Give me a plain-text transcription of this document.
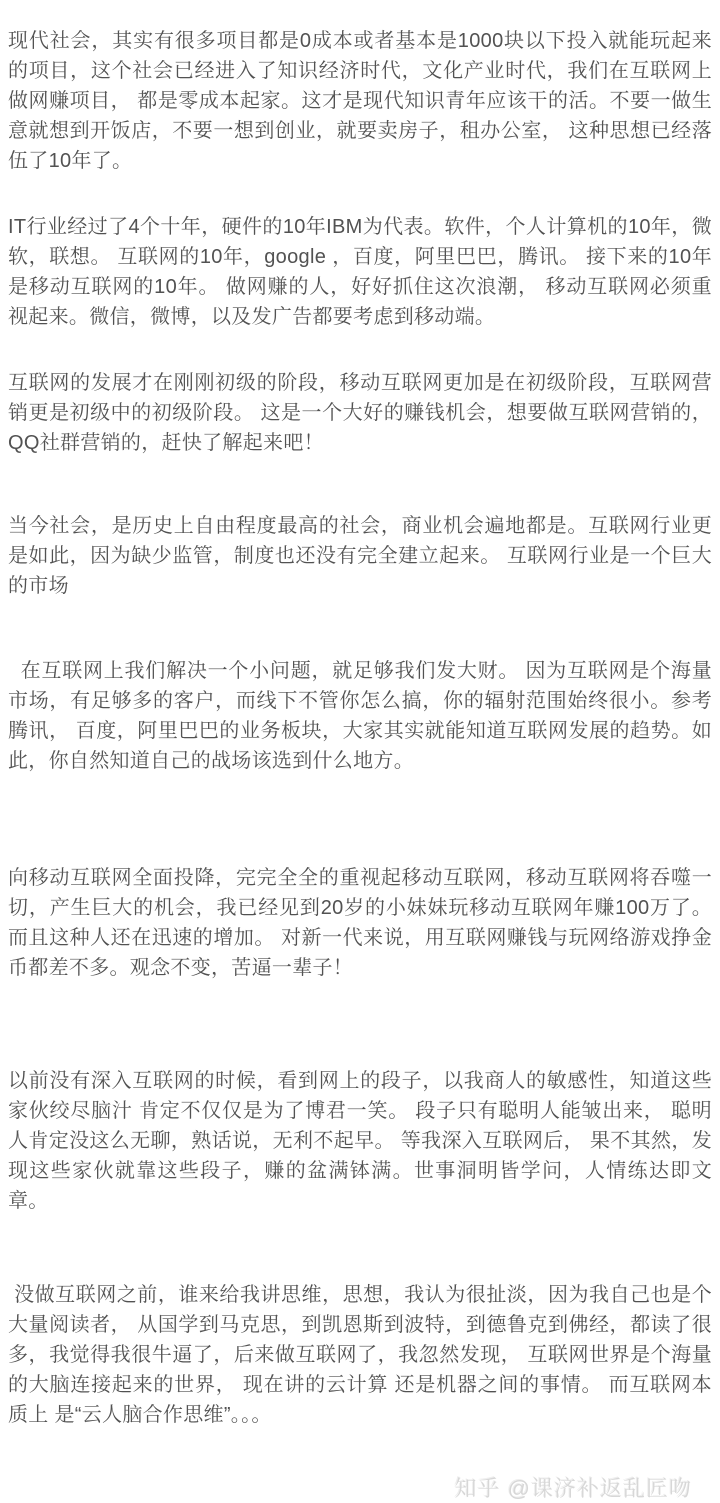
现代社会，其实有很多项目都是0成本或者基本是1000块以下投入就能玩起来的项目，这个社会已经进入了知识经济时代，文化产业时代，我们在互联网上做网赚项目， 都是零成本起家。这才是现代知识青年应该干的活。不要一做生意就想到开饭店，不要一想到创业，就要卖房子，租办公室， 这种思想已经落伍了10年了。

IT行业经过了4个十年，硬件的10年IBM为代表。软件，个人计算机的10年，微软，联想。 互联网的10年，google ，百度，阿里巴巴，腾讯。 接下来的10年是移动互联网的10年。 做网赚的人，好好抓住这次浪潮， 移动互联网必须重视起来。微信，微博，以及发广告都要考虑到移动端。

互联网的发展才在刚刚初级的阶段，移动互联网更加是在初级阶段，互联网营销更是初级中的初级阶段。 这是一个大好的赚钱机会，想要做互联网营销的，QQ社群营销的，赶快了解起来吧！

当今社会，是历史上自由程度最高的社会，商业机会遍地都是。互联网行业更是如此，因为缺少监管，制度也还没有完全建立起来。 互联网行业是一个巨大的市场

在互联网上我们解决一个小问题，就足够我们发大财。 因为互联网是个海量市场，有足够多的客户，而线下不管你怎么搞，你的辐射范围始终很小。参考 腾讯， 百度，阿里巴巴的业务板块，大家其实就能知道互联网发展的趋势。如此，你自然知道自己的战场该选到什么地方。

向移动互联网全面投降，完完全全的重视起移动互联网，移动互联网将吞噬一切，产生巨大的机会，我已经见到20岁的小妹妹玩移动互联网年赚100万了。而且这种人还在迅速的增加。 对新一代来说，用互联网赚钱与玩网络游戏挣金币都差不多。观念不变，苦逼一辈子！

以前没有深入互联网的时候，看到网上的段子，以我商人的敏感性，知道这些家伙绞尽脑汁 肯定不仅仅是为了博君一笑。 段子只有聪明人能皱出来， 聪明人肯定没这么无聊，熟话说，无利不起早。 等我深入互联网后， 果不其然，发现这些家伙就靠这些段子，赚的盆满钵满。世事洞明皆学问，人情练达即文章。

没做互联网之前，谁来给我讲思维，思想，我认为很扯淡，因为我自己也是个大量阅读者， 从国学到马克思，到凯恩斯到波特，到德鲁克到佛经，都读了很多，我觉得我很牛逼了，后来做互联网了，我忽然发现， 互联网世界是个海量的大脑连接起来的世界， 现在讲的云计算 还是机器之间的事情。 而互联网本质上 是“云人脑合作思维”。。。

知乎 @课济补返乱匠吻
